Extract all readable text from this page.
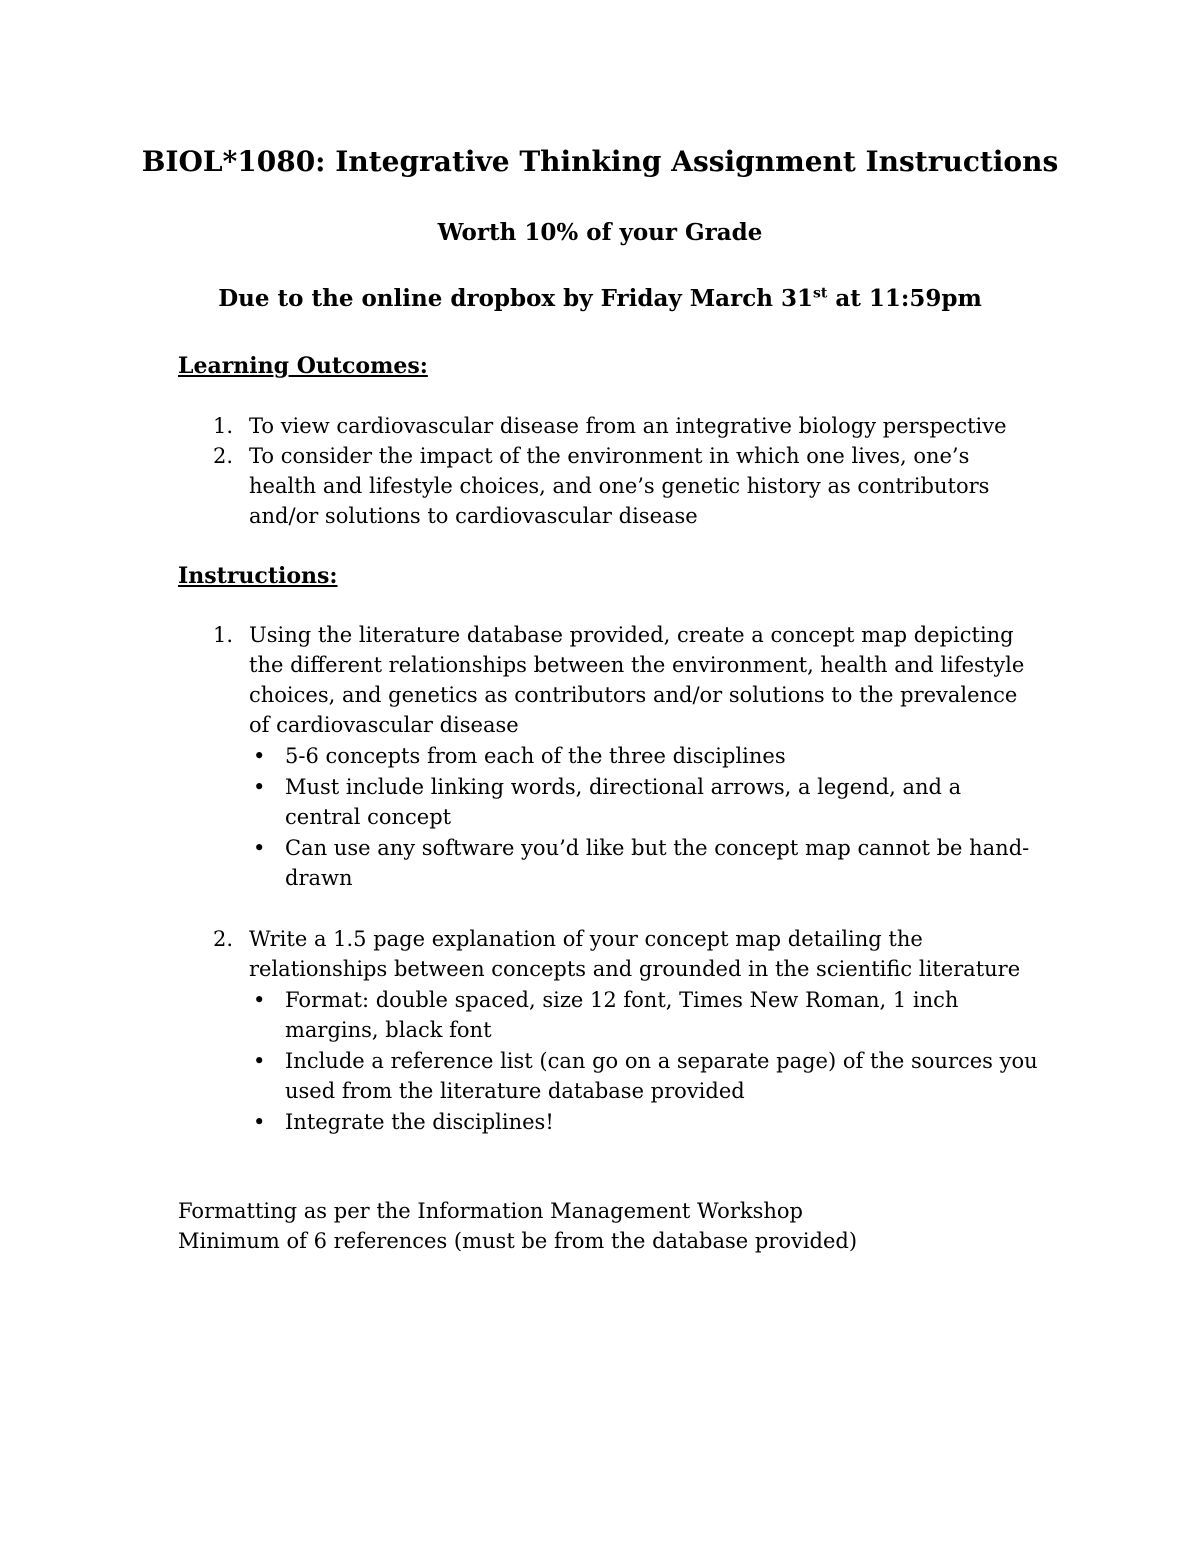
BIOL*1080: Integrative Thinking Assignment Instructions

Worth 10% of your Grade

Due to the online dropbox by Friday March 31st at 11:59pm

Learning Outcomes:
1. To view cardiovascular disease from an integrative biology perspective
2. To consider the impact of the environment in which one lives, one’s health and lifestyle choices, and one’s genetic history as contributors and/or solutions to cardiovascular disease
Instructions:
1. Using the literature database provided, create a concept map depicting the different relationships between the environment, health and lifestyle choices, and genetics as contributors and/or solutions to the prevalence of cardiovascular disease
• 5-6 concepts from each of the three disciplines
• Must include linking words, directional arrows, a legend, and a central concept
• Can use any software you’d like but the concept map cannot be hand-drawn
2. Write a 1.5 page explanation of your concept map detailing the relationships between concepts and grounded in the scientific literature
• Format: double spaced, size 12 font, Times New Roman, 1 inch margins, black font
• Include a reference list (can go on a separate page) of the sources you used from the literature database provided
• Integrate the disciplines!

Formatting as per the Information Management Workshop

Minimum of 6 references (must be from the database provided)
